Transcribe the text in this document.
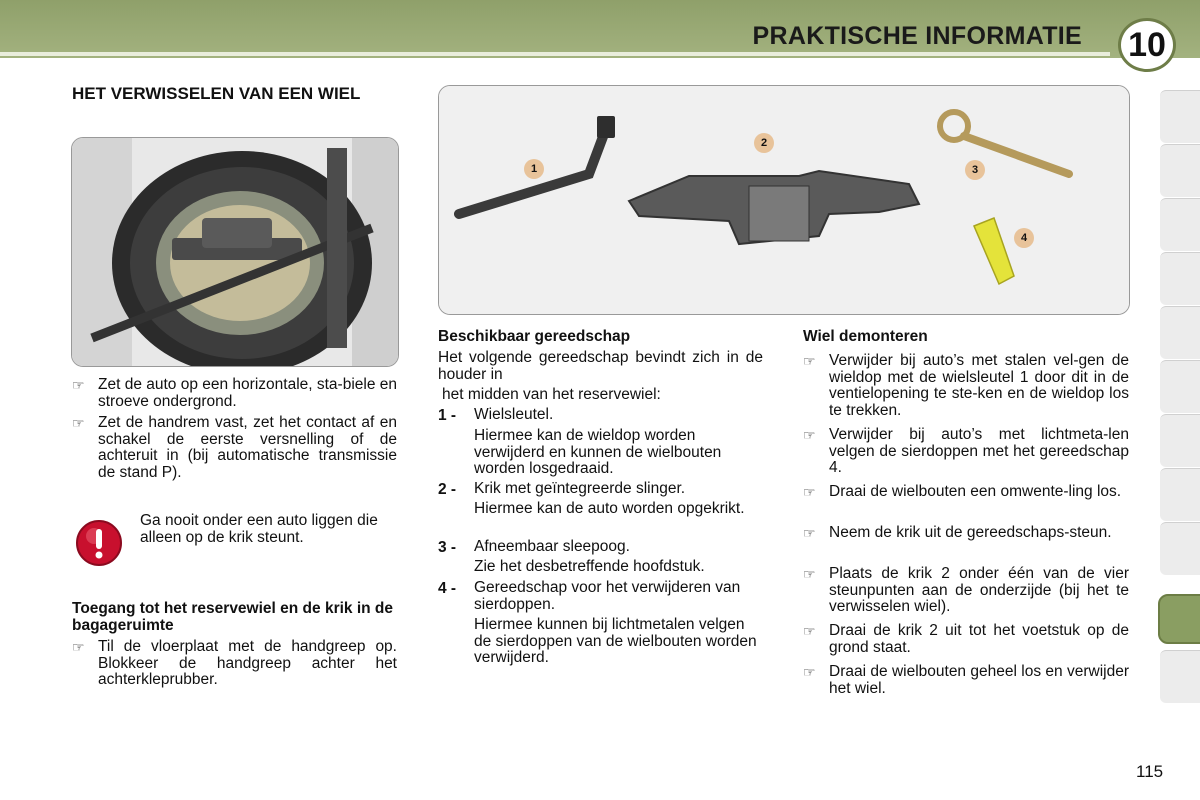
PRAKTISCHE INFORMATIE 10
HET VERWISSELEN VAN EEN WIEL
☞ Zet de auto op een horizontale, sta-biele en stroeve ondergrond.
☞ Zet de handrem vast, zet het contact af en schakel de eerste versnelling of de achteruit in (bij automatische transmissie de stand P).
Ga nooit onder een auto liggen die alleen op de krik steunt.
Toegang tot het reservewiel en de krik in de bagageruimte
☞ Til de vloerplaat met de handgreep op. Blokkeer de handgreep achter het achterkleprubber.
1
2
3
4
Beschikbaar gereedschap
Het volgende gereedschap bevindt zich in de houder in
het midden van het reservewiel:
1 - Wielsleutel.
Hiermee kan de wieldop worden verwijderd en kunnen de wielbouten worden losgedraaid.
2 - Krik met geïntegreerde slinger.
Hiermee kan de auto worden opgekrikt.
3 - Afneembaar sleepoog.
Zie het desbetreffende hoofdstuk.
4 - Gereedschap voor het verwijderen van sierdoppen.
Hiermee kunnen bij lichtmetalen velgen de sierdoppen van de wielbouten worden verwijderd.
Wiel demonteren
☞ Verwijder bij auto’s met stalen vel-gen de wieldop met de wielsleutel 1 door dit in de ventielopening te ste-ken en de wieldop los te trekken.
☞ Verwijder bij auto’s met lichtmeta-len velgen de sierdoppen met het gereedschap 4.
☞ Draai de wielbouten een omwente-ling los.
☞ Neem de krik uit de gereedschaps-steun.
☞ Plaats de krik 2 onder één van de vier steunpunten aan de onderzijde (bij het te verwisselen wiel).
☞ Draai de krik 2 uit tot het voetstuk op de grond staat.
☞ Draai de wielbouten geheel los en verwijder het wiel.
115
